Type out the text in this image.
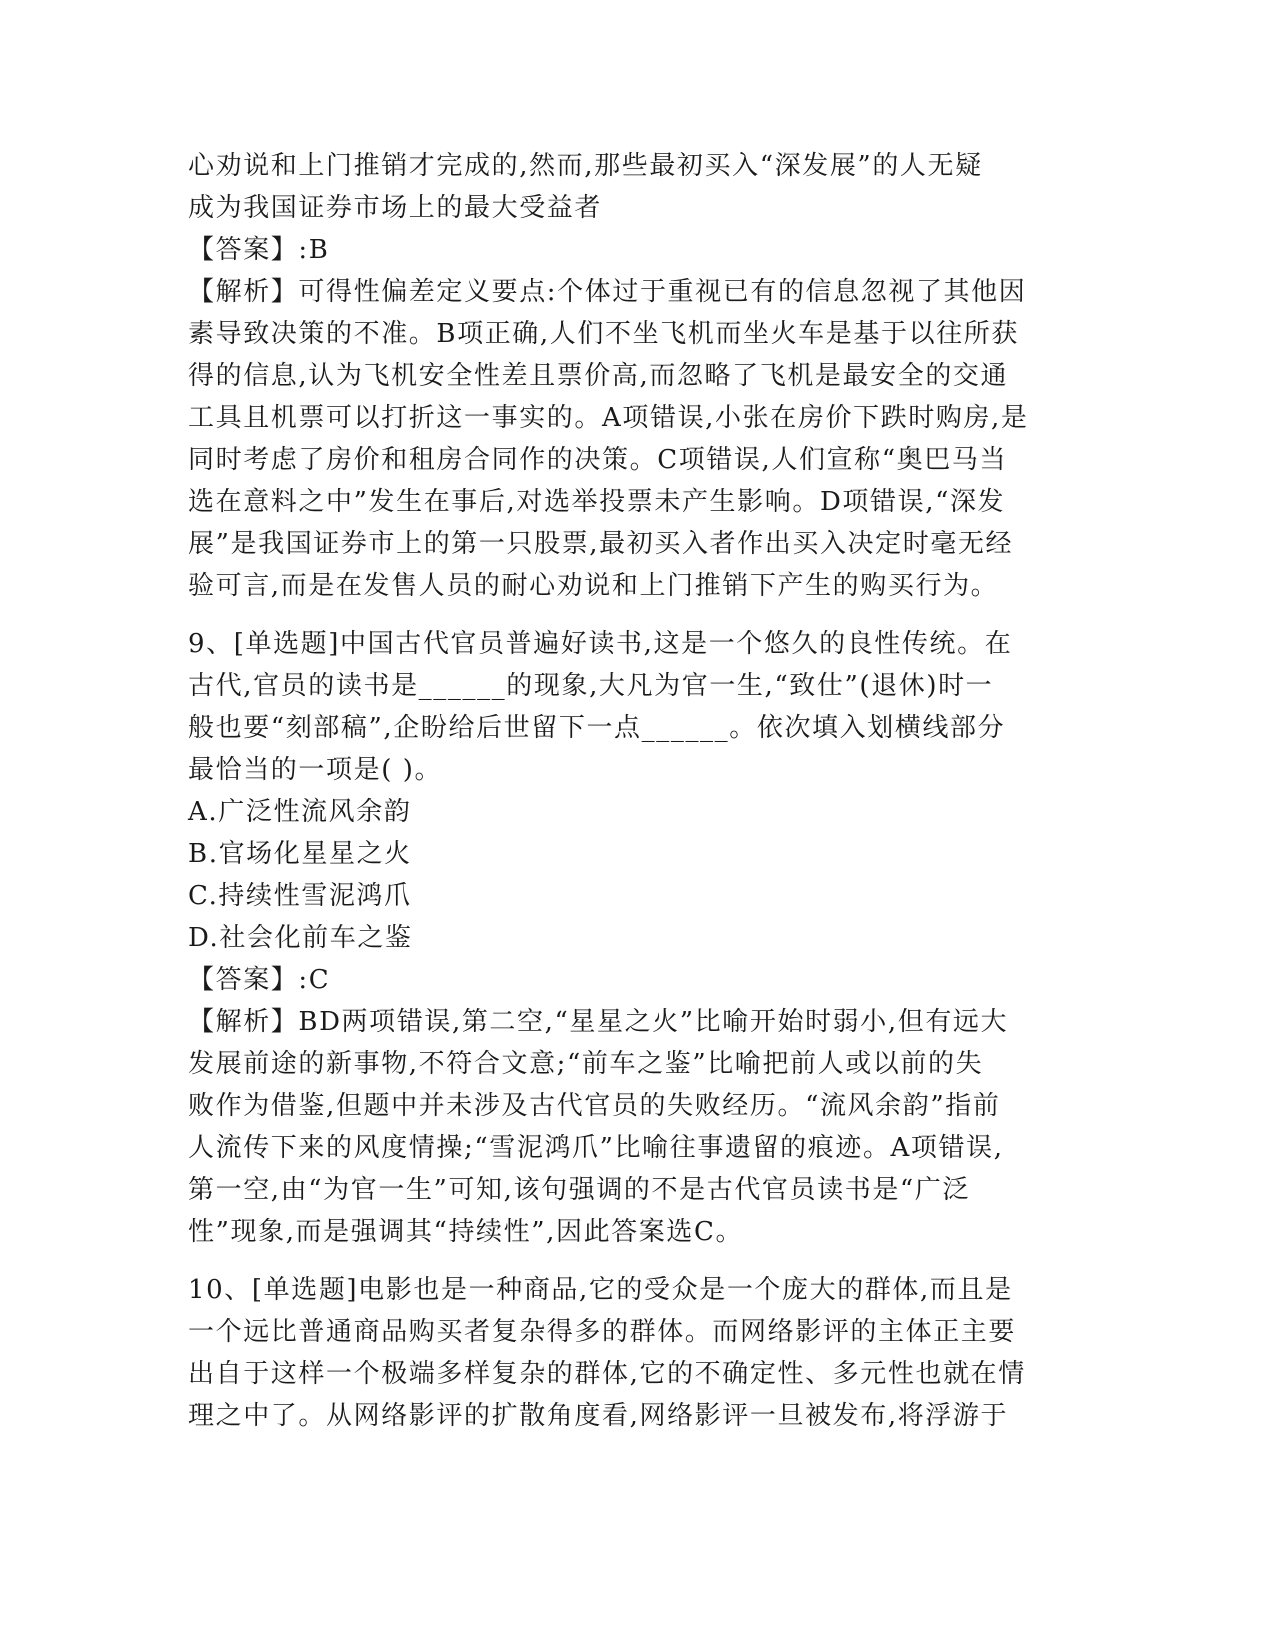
心劝说和上门推销才完成的,然而,那些最初买入“深发展”的人无疑
成为我国证券市场上的最大受益者
【答案】:B
【解析】可得性偏差定义要点:个体过于重视已有的信息忽视了其他因
素导致决策的不准。B项正确,人们不坐飞机而坐火车是基于以往所获
得的信息,认为飞机安全性差且票价高,而忽略了飞机是最安全的交通
工具且机票可以打折这一事实的。A项错误,小张在房价下跌时购房,是
同时考虑了房价和租房合同作的决策。C项错误,人们宣称“奥巴马当
选在意料之中”发生在事后,对选举投票未产生影响。D项错误,“深发
展”是我国证券市上的第一只股票,最初买入者作出买入决定时毫无经
验可言,而是在发售人员的耐心劝说和上门推销下产生的购买行为。
9、[单选题]中国古代官员普遍好读书,这是一个悠久的良性传统。在
古代,官员的读书是______的现象,大凡为官一生,“致仕”(退休)时一
般也要“刻部稿”,企盼给后世留下一点______。依次填入划横线部分
最恰当的一项是( )。
A.广泛性流风余韵
B.官场化星星之火
C.持续性雪泥鸿爪
D.社会化前车之鉴
【答案】:C
【解析】BD两项错误,第二空,“星星之火”比喻开始时弱小,但有远大
发展前途的新事物,不符合文意;“前车之鉴”比喻把前人或以前的失
败作为借鉴,但题中并未涉及古代官员的失败经历。“流风余韵”指前
人流传下来的风度情操;“雪泥鸿爪”比喻往事遗留的痕迹。A项错误,
第一空,由“为官一生”可知,该句强调的不是古代官员读书是“广泛
性”现象,而是强调其“持续性”,因此答案选C。
10、[单选题]电影也是一种商品,它的受众是一个庞大的群体,而且是
一个远比普通商品购买者复杂得多的群体。而网络影评的主体正主要
出自于这样一个极端多样复杂的群体,它的不确定性、多元性也就在情
理之中了。从网络影评的扩散角度看,网络影评一旦被发布,将浮游于
